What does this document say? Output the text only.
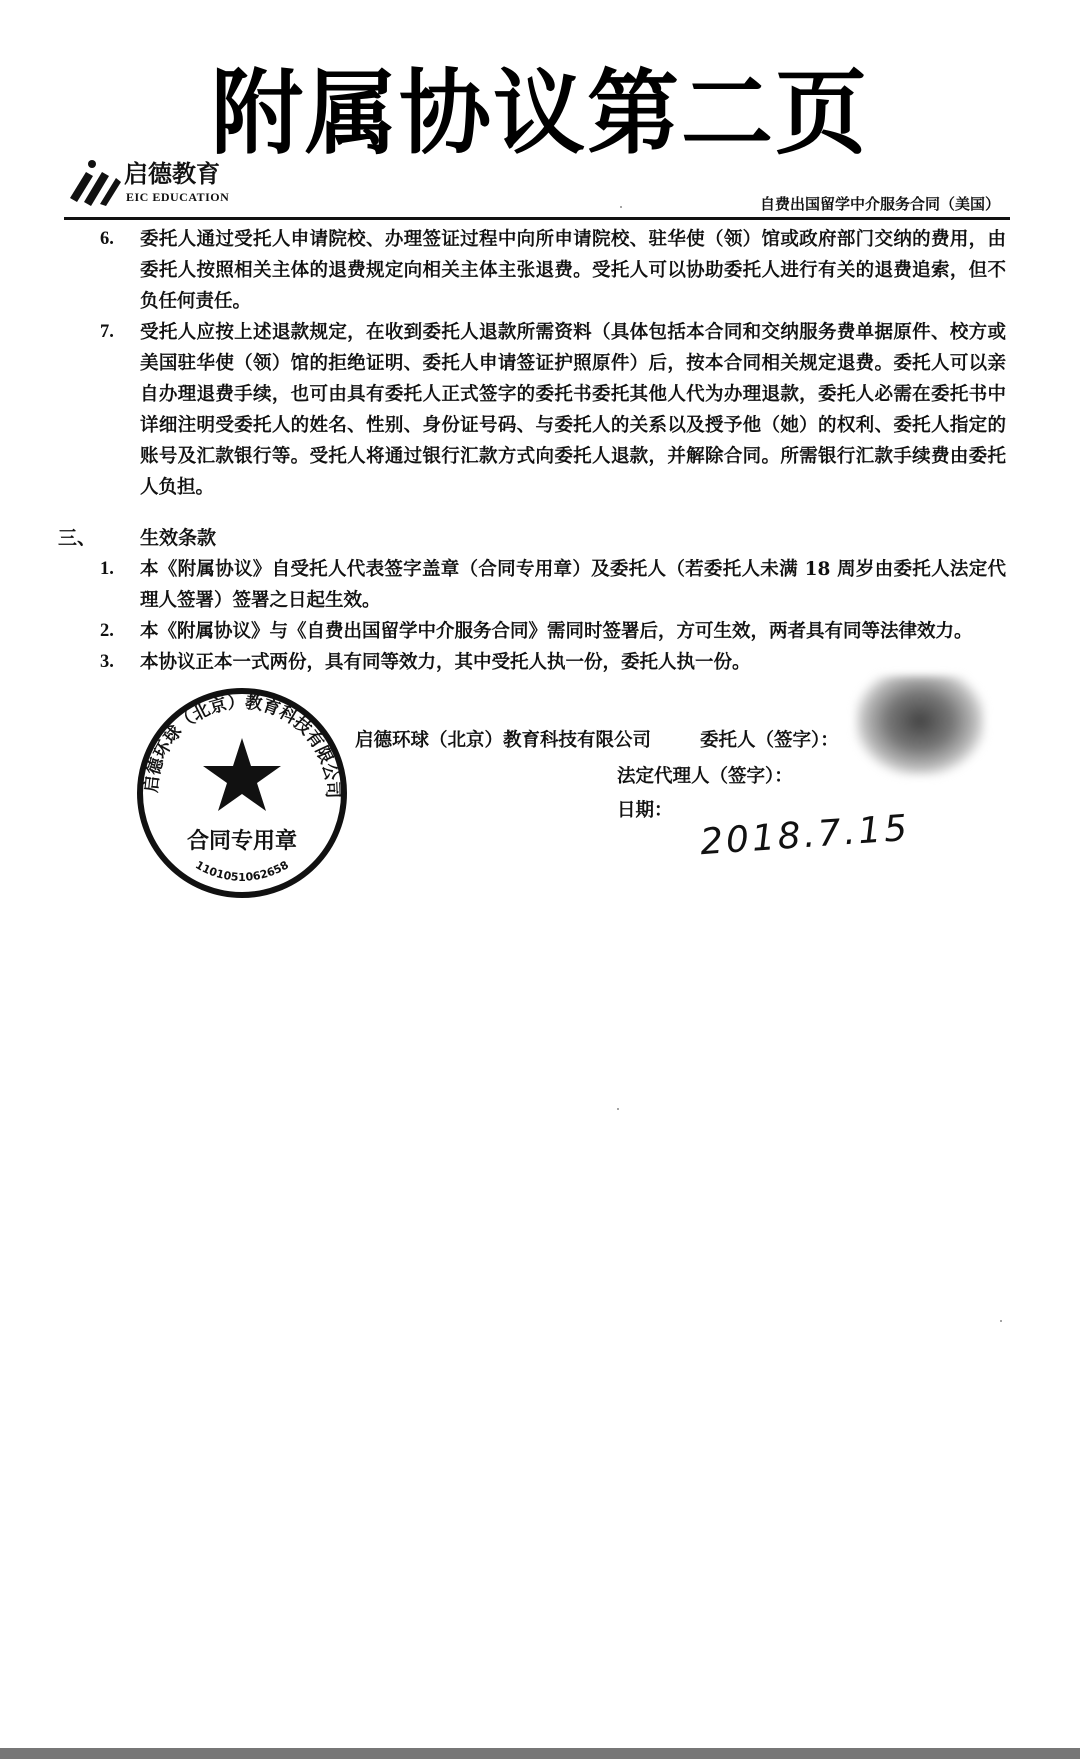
附属协议第二页
启德教育
EIC EDUCATION	自费出国留学中介服务合同（美国）
6.	委托人通过受托人申请院校、办理签证过程中向所申请院校、驻华使（领）馆或政府部门交纳的费用，由委托人按照相关主体的退费规定向相关主体主张退费。受托人可以协助委托人进行有关的退费追索，但不负任何责任。
7.	受托人应按上述退款规定，在收到委托人退款所需资料（具体包括本合同和交纳服务费单据原件、校方或美国驻华使（领）馆的拒绝证明、委托人申请签证护照原件）后，按本合同相关规定退费。委托人可以亲自办理退费手续，也可由具有委托人正式签字的委托书委托其他人代为办理退款，委托人必需在委托书中详细注明受委托人的姓名、性别、身份证号码、与委托人的关系以及授予他（她）的权利、委托人指定的账号及汇款银行等。受托人将通过银行汇款方式向委托人退款，并解除合同。所需银行汇款手续费由委托人负担。
三、	生效条款
1.	本《附属协议》自受托人代表签字盖章（合同专用章）及委托人（若委托人未满 18 周岁由委托人法定代理人签署）签署之日起生效。
2.	本《附属协议》与《自费出国留学中介服务合同》需同时签署后，方可生效，两者具有同等法律效力。
3.	本协议正本一式两份，具有同等效力，其中受托人执一份，委托人执一份。
启德环球（北京）教育科技有限公司
合同专用章
1101051062658
启德环球（北京）教育科技有限公司	委托人（签字）：
法定代理人（签字）：
日期： 2018.7.15
